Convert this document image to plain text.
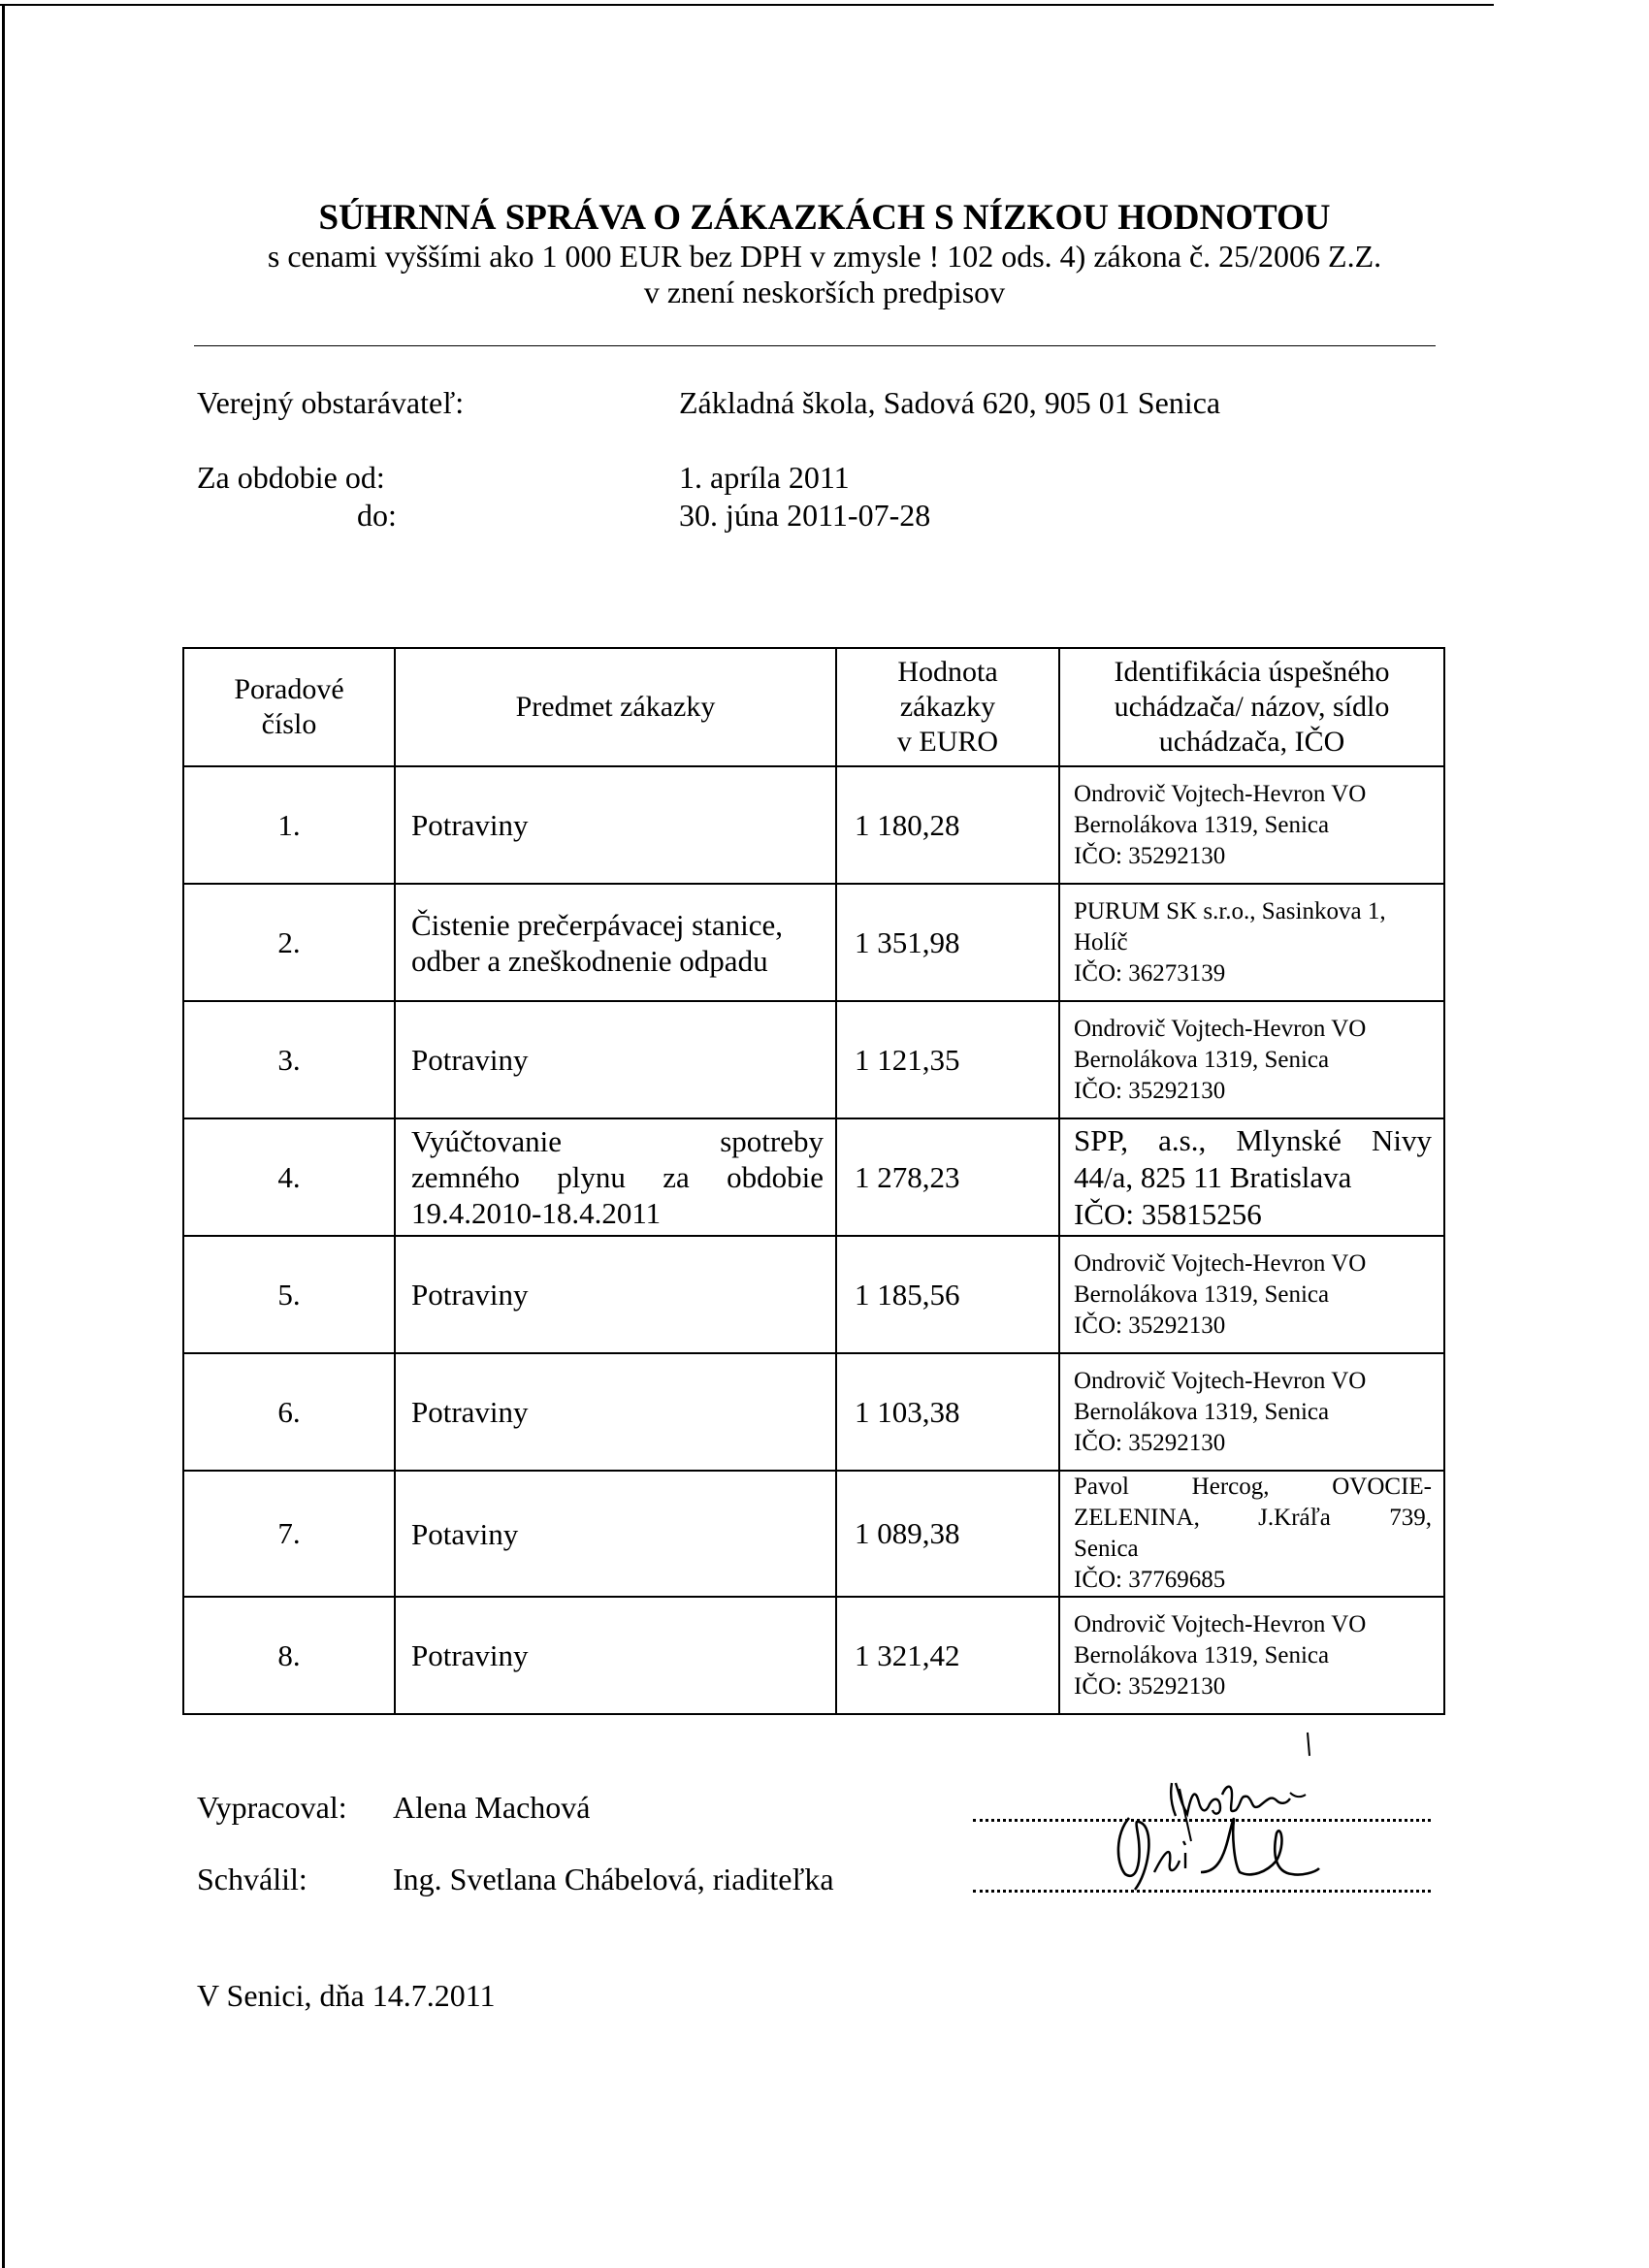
SÚHRNNÁ SPRÁVA O ZÁKAZKÁCH S NÍZKOU HODNOTOU
s cenami vyššími ako 1 000 EUR bez DPH v zmysle ! 102 ods. 4) zákona č. 25/2006 Z.Z.
v znení neskorších predpisov
Verejný obstarávateľ:	Základná škola, Sadová 620, 905 01 Senica
Za obdobie od:	1. apríla 2011
do:	30. júna 2011-07-28
Poradové
číslo	Predmet zákazky	Hodnota
zákazky
v EURO	Identifikácia úspešného
uchádzača/ názov, sídlo
uchádzača, IČO

1.	Potraviny	1 180,28	Ondrovič Vojtech-Hevron VO
Bernolákova 1319, Senica
IČO: 35292130

2.	Čistenie prečerpávacej stanice,
odber a zneškodnenie odpadu	1 351,98	PURUM SK s.r.o., Sasinkova 1,
Holíč
IČO: 36273139

3.	Potraviny	1 121,35	Ondrovič Vojtech-Hevron VO
Bernolákova 1319, Senica
IČO: 35292130

4.	Vyúčtovanie spotreby
zemného plynu za obdobie
19.4.2010-18.4.2011	1 278,23	SPP, a.s., Mlynské Nivy
44/a, 825 11 Bratislava
IČO: 35815256

5.	Potraviny	1 185,56	Ondrovič Vojtech-Hevron VO
Bernolákova 1319, Senica
IČO: 35292130

6.	Potraviny	1 103,38	Ondrovič Vojtech-Hevron VO
Bernolákova 1319, Senica
IČO: 35292130

7.	Potaviny	1 089,38	Pavol Hercog, OVOCIE-
ZELENINA, J.Kráľa 739,
Senica
IČO: 37769685

8.	Potraviny	1 321,42	Ondrovič Vojtech-Hevron VO
Bernolákova 1319, Senica
IČO: 35292130
Vypracoval: Alena Machová
Schválil:	Ing. Svetlana Chábelová, riaditeľka
V Senici, dňa 14.7.2011
